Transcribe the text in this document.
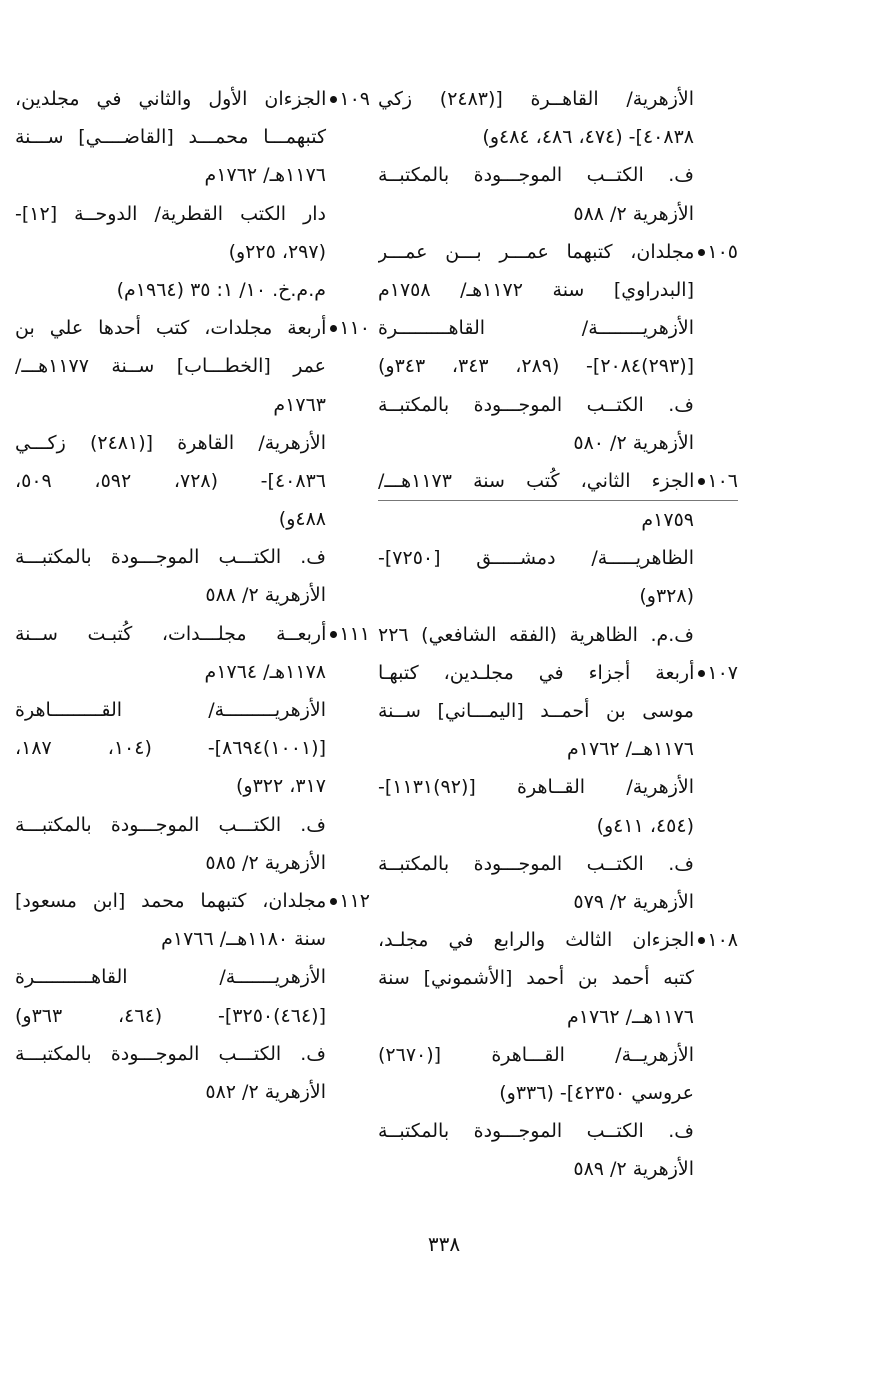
الأزهرية/ القاهــرة [(٢٤٨٣) زكي
٤٠٨٣٨]- (٤٧٤، ٤٨٦، ٤٨٤و)
ف. الكتــب الموجـــودة بالمكتبــة
الأزهرية ٢/ ٥٨٨
١٠٥مجلدان، كتبهما عمـــر بـــن عمـــر
[البدراوي] سنة ١١٧٢هـ/ ١٧٥٨م
الأزهريــــــــة/ القاهـــــــــرة
[(٢٩٣)٢٠٨٤]- (٢٨٩، ٣٤٣، ٣٤٣و)
ف. الكتــب الموجـــودة بالمكتبــة
الأزهرية ٢/ ٥٨٠
١٠٦الجزء الثاني، كُتب سنة ١١٧٣هـــ/
١٧٥٩م
الظاهريـــــة/ دمشـــــق [٧٢٥٠]-
(٣٢٨و)
ف.م. الظاهرية (الفقه الشافعي) ٢٢٦
١٠٧أربعة أجزاء في مجلـدين، كتبهـا
موسى بن أحمــد [اليمـــاني] ســنة
١١٧٦هــ/ ١٧٦٢م
الأزهرية/ القــاهرة [(٩٢)١١٣١]-
(٤٥٤، ٤١١و)
ف. الكتــب الموجـــودة بالمكتبــة
الأزهرية ٢/ ٥٧٩
١٠٨الجزءان الثالث والرابع في مجلـد،
كتبه أحمد بن أحمد [الأشموني] سنة
١١٧٦هــ/ ١٧٦٢م
الأزهريــة/ القـــاهرة [(٢٦٧٠)
عروسي ٤٢٣٥٠]- (٣٣٦و)
ف. الكتــب الموجـــودة بالمكتبــة
الأزهرية ٢/ ٥٨٩
١٠٩الجزءان الأول والثاني في مجلدين،
كتبهمـــا محمـــد [القاضــــي] ســـنة
١١٧٦هـ/ ١٧٦٢م
دار الكتب القطرية/ الدوحــة [١٢]-
(٢٩٧، ٢٢٥و)
م.م.خ. ١٠/ ١: ٣٥ (١٩٦٤م)
١١٠أربعة مجلدات، كتب أحدها علي بن
عمر [الخطـــاب] ســنة ١١٧٧هـــ/
١٧٦٣م
الأزهرية/ القاهرة [(٢٤٨١) زكـــي
٤٠٨٣٦]- (٧٢٨، ٥٩٢، ٥٠٩،
٤٨٨و)
ف. الكتـــب الموجـــودة بالمكتبـــة
الأزهرية ٢/ ٥٨٨
١١١أربعــة مجلـــدات، كُتبـت ســنة
١١٧٨هـ/ ١٧٦٤م
الأزهريـــــــــة/ القـــــــــاهرة
[(١٠٠١)٨٦٩٤]- (١٠٤، ١٨٧،
٣١٧، ٣٢٢و)
ف. الكتـــب الموجـــودة بالمكتبـــة
الأزهرية ٢/ ٥٨٥
١١٢مجلدان، كتبهما محمد [ابن مسعود]
سنة ١١٨٠هــ/ ١٧٦٦م
الأزهريـــــــة/ القاهــــــــــرة
[(٤٦٤)٣٢٥٠]- (٤٦٤، ٣٦٣و)
ف. الكتـــب الموجـــودة بالمكتبـــة
الأزهرية ٢/ ٥٨٢
٣٣٨
